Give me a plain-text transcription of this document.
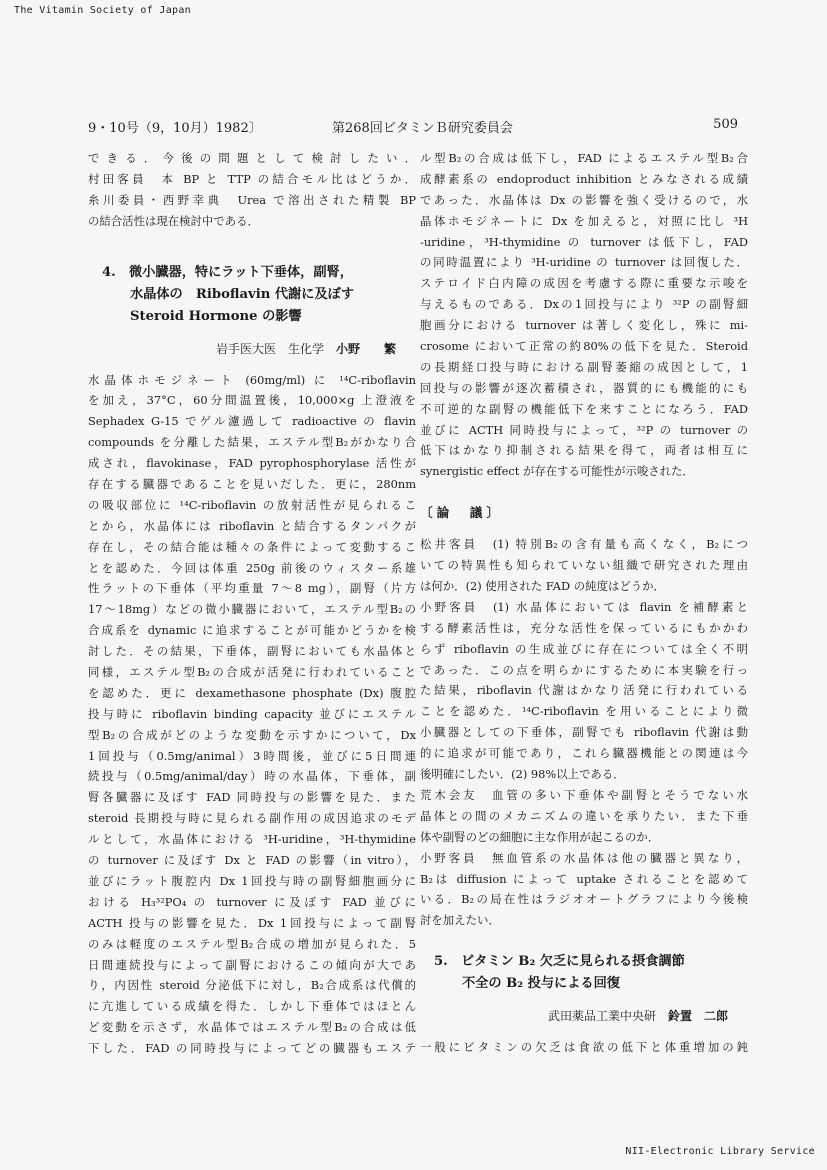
The Vitamin Society of Japan
9・10号（9，10月）1982〕	第268回ビタミンＢ研究委員会	509
できる．今後の問題として検討したい．
村田客員　本 BP と TTP の結合モル比はどうか．
糸川委員・西野幸典　Urea で溶出された精製 BP
の結合活性は現在検討中である．
4.　微小臓器，特にラット下垂体，副腎，
水晶体の　Riboflavin 代謝に及ぼす
Steroid Hormone の影響
岩手医大医　生化学　小野　　繁
水晶体ホモジネート (60mg/ml) に ¹⁴C-riboflavin
を加え，37°C，60分間温置後，10,000×g 上澄液を
Sephadex G-15 でゲル濾過して radioactive の flavin
compounds を分離した結果，エステル型B₂がかなり合
成され，flavokinase，FAD pyrophosphorylase 活性が
存在する臓器であることを見いだした．更に，280nm
の吸収部位に ¹⁴C-riboflavin の放射活性が見られるこ
とから，水晶体には riboflavin と結合するタンパクが
存在し，その結合能は種々の条件によって変動するこ
とを認めた．今回は体重 250g 前後のウィスター系雄
性ラットの下垂体（平均重量 7～8 mg），副腎（片方
17～18mg）などの微小臓器において，エステル型B₂の
合成系を dynamic に追求することが可能かどうかを検
討した．その結果，下垂体，副腎においても水晶体と
同様，エステル型B₂の合成が活発に行われていること
を認めた．更に dexamethasone phosphate (Dx) 腹腔
投与時に riboflavin binding capacity 並びにエステル
型B₂の合成がどのような変動を示すかについて，Dx
1回投与（0.5mg/animal）3時間後，並びに5日間連
続投与（0.5mg/animal/day）時の水晶体，下垂体，副
腎各臓器に及ぼす FAD 同時投与の影響を見た．また
steroid 長期投与時に見られる副作用の成因追求のモデ
ルとして，水晶体における ³H-uridine，³H-thymidine
の turnover に及ぼす Dx と FAD の影響（in vitro），
並びにラット腹腔内 Dx 1回投与時の副腎細胞画分に
おける H₃³²PO₄ の turnover に及ぼす FAD 並びに
ACTH 投与の影響を見た．Dx 1回投与によって副腎
のみは軽度のエステル型B₂合成の増加が見られた．5
日間連続投与によって副腎におけるこの傾向が大であ
り，内因性 steroid 分泌低下に対し，B₂合成系は代償的
に亢進している成績を得た．しかし下垂体ではほとん
ど変動を示さず，水晶体ではエステル型B₂の合成は低
下した．FAD の同時投与によってどの臓器もエステ
ル型B₂の合成は低下し，FAD によるエステル型B₂合
成酵素系の endoproduct inhibition とみなされる成績
であった．水晶体は Dx の影響を強く受けるので，水
晶体ホモジネートに Dx を加えると，対照に比し ³H
-uridine，³H-thymidine の turnover は低下し，FAD
の同時温置により ³H-uridine の turnover は回復した．
ステロイド白内障の成因を考慮する際に重要な示唆を
与えるものである．Dxの1回投与により ³²P の副腎細
胞画分における turnover は著しく変化し，殊に mi-
crosome において正常の約80%の低下を見た．Steroid
の長期経口投与時における副腎萎縮の成因として，1
回投与の影響が逐次蓄積され，器質的にも機能的にも
不可逆的な副腎の機能低下を来すことになろう．FAD
並びに ACTH 同時投与によって，³²P の turnover の
低下はかなり抑制される結果を得て，両者は相互に
synergistic effect が存在する可能性が示唆された．
〔論　議〕
松井客員　(1) 特別B₂の含有量も高くなく，B₂につ
いての特異性も知られていない組織で研究された理由
は何か．(2) 使用された FAD の純度はどうか．
小野客員　(1) 水晶体においては flavin を補酵素と
する酵素活性は，充分な活性を保っているにもかかわ
らず riboflavin の生成並びに存在については全く不明
であった．この点を明らかにするために本実験を行っ
た結果，riboflavin 代謝はかなり活発に行われている
ことを認めた．¹⁴C-riboflavin を用いることにより微
小臓器としての下垂体，副腎でも riboflavin 代謝は動
的に追求が可能であり，これら臓器機能との関連は今
後明確にしたい．(2) 98%以上である．
荒木会友　血管の多い下垂体や副腎とそうでない水
晶体との間のメカニズムの違いを承りたい．また下垂
体や副腎のどの細胞に主な作用が起こるのか．
小野客員　無血管系の水晶体は他の臓器と異なり，
B₂は diffusion によって uptake されることを認めて
いる．B₂の局在性はラジオオートグラフにより今後検
討を加えたい．
5.　ビタミン B₂ 欠乏に見られる摂食調節
不全の B₂ 投与による回復
武田薬品工業中央研　鈴置　二郎
一般にビタミンの欠乏は食欲の低下と体重増加の鈍
NII-Electronic Library Service
